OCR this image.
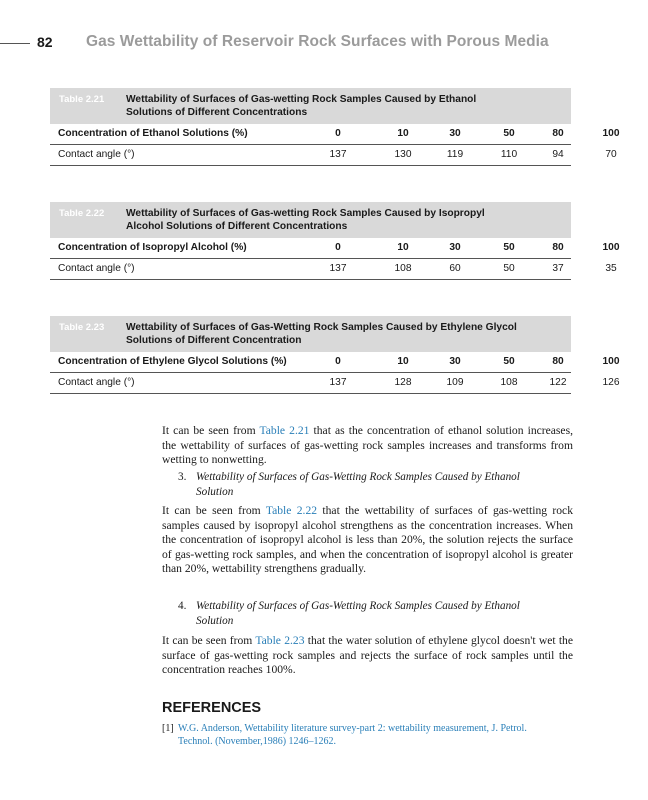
82 Gas Wettability of Reservoir Rock Surfaces with Porous Media
Table 2.21 Wettability of Surfaces of Gas-wetting Rock Samples Caused by Ethanol
Solutions of Different Concentrations
Concentration of Ethanol Solutions (%)	0	10	30	50	80	100
Contact angle (°)	137	130	119	110	94	70
Table 2.22 Wettability of Surfaces of Gas-wetting Rock Samples Caused by Isopropyl
Alcohol Solutions of Different Concentrations
Concentration of Isopropyl Alcohol (%)	0	10	30	50	80	100
Contact angle (°)	137	108	60	50	37	35
Table 2.23 Wettability of Surfaces of Gas-Wetting Rock Samples Caused by Ethylene Glycol
Solutions of Different Concentration
Concentration of Ethylene Glycol Solutions (%)	0	10	30	50	80	100
Contact angle (°)	137	128	109	108	122	126
It can be seen from Table 2.21 that as the concentration of ethanol solution increases, the wettability of surfaces of gas-wetting rock samples increases and transforms from wetting to nonwetting.
3. Wettability of Surfaces of Gas-Wetting Rock Samples Caused by Ethanol
Solution
It can be seen from Table 2.22 that the wettability of surfaces of gas-wetting rock samples caused by isopropyl alcohol strengthens as the concentration increases. When the concentration of isopropyl alcohol is less than 20%, the solution rejects the surface of gas-wetting rock samples, and when the concentration of isopropyl alcohol is greater than 20%, wettability strengthens gradually.
4. Wettability of Surfaces of Gas-Wetting Rock Samples Caused by Ethanol
Solution
It can be seen from Table 2.23 that the water solution of ethylene glycol doesn't wet the surface of gas-wetting rock samples and rejects the surface of rock samples until the concentration reaches 100%.
REFERENCES
[1] W.G. Anderson, Wettability literature survey-part 2: wettability measurement, J. Petrol.
Technol. (November,1986) 1246–1262.
